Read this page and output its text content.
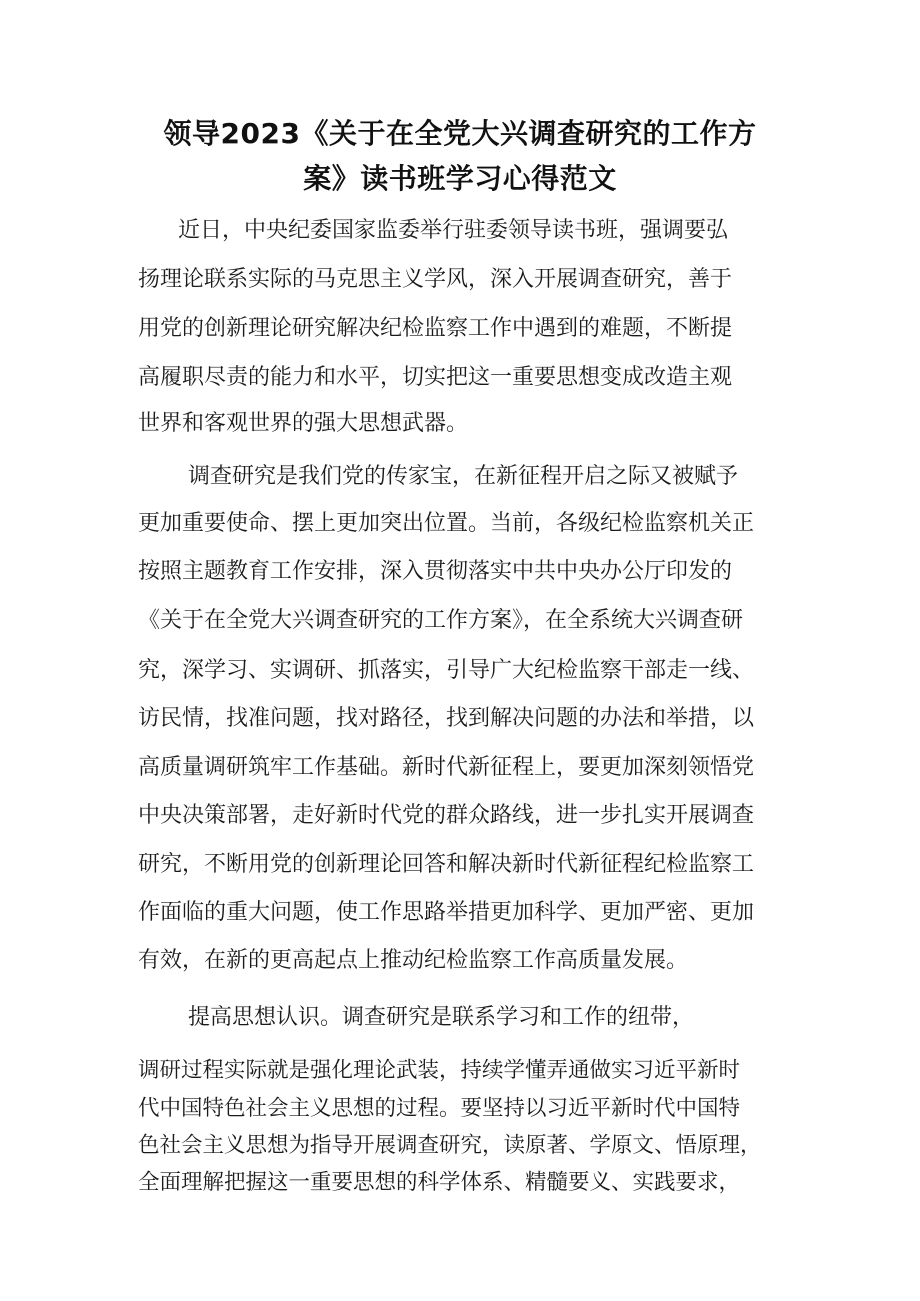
领导2023《关于在全党大兴调查研究的工作方
案》读书班学习心得范文
近日，中央纪委国家监委举行驻委领导读书班，强调要弘
扬理论联系实际的马克思主义学风，深入开展调查研究，善于
用党的创新理论研究解决纪检监察工作中遇到的难题，不断提
高履职尽责的能力和水平，切实把这一重要思想变成改造主观
世界和客观世界的强大思想武器。
调查研究是我们党的传家宝，在新征程开启之际又被赋予
更加重要使命、摆上更加突出位置。当前，各级纪检监察机关正
按照主题教育工作安排，深入贯彻落实中共中央办公厅印发的
《关于在全党大兴调查研究的工作方案》，在全系统大兴调查研
究，深学习、实调研、抓落实，引导广大纪检监察干部走一线、
访民情，找准问题，找对路径，找到解决问题的办法和举措，以
高质量调研筑牢工作基础。新时代新征程上，要更加深刻领悟党
中央决策部署，走好新时代党的群众路线，进一步扎实开展调查
研究，不断用党的创新理论回答和解决新时代新征程纪检监察工
作面临的重大问题，使工作思路举措更加科学、更加严密、更加
有效，在新的更高起点上推动纪检监察工作高质量发展。
提高思想认识。调查研究是联系学习和工作的纽带，
调研过程实际就是强化理论武装，持续学懂弄通做实习近平新时
代中国特色社会主义思想的过程。要坚持以习近平新时代中国特
色社会主义思想为指导开展调查研究，读原著、学原文、悟原理，
全面理解把握这一重要思想的科学体系、精髓要义、实践要求，
